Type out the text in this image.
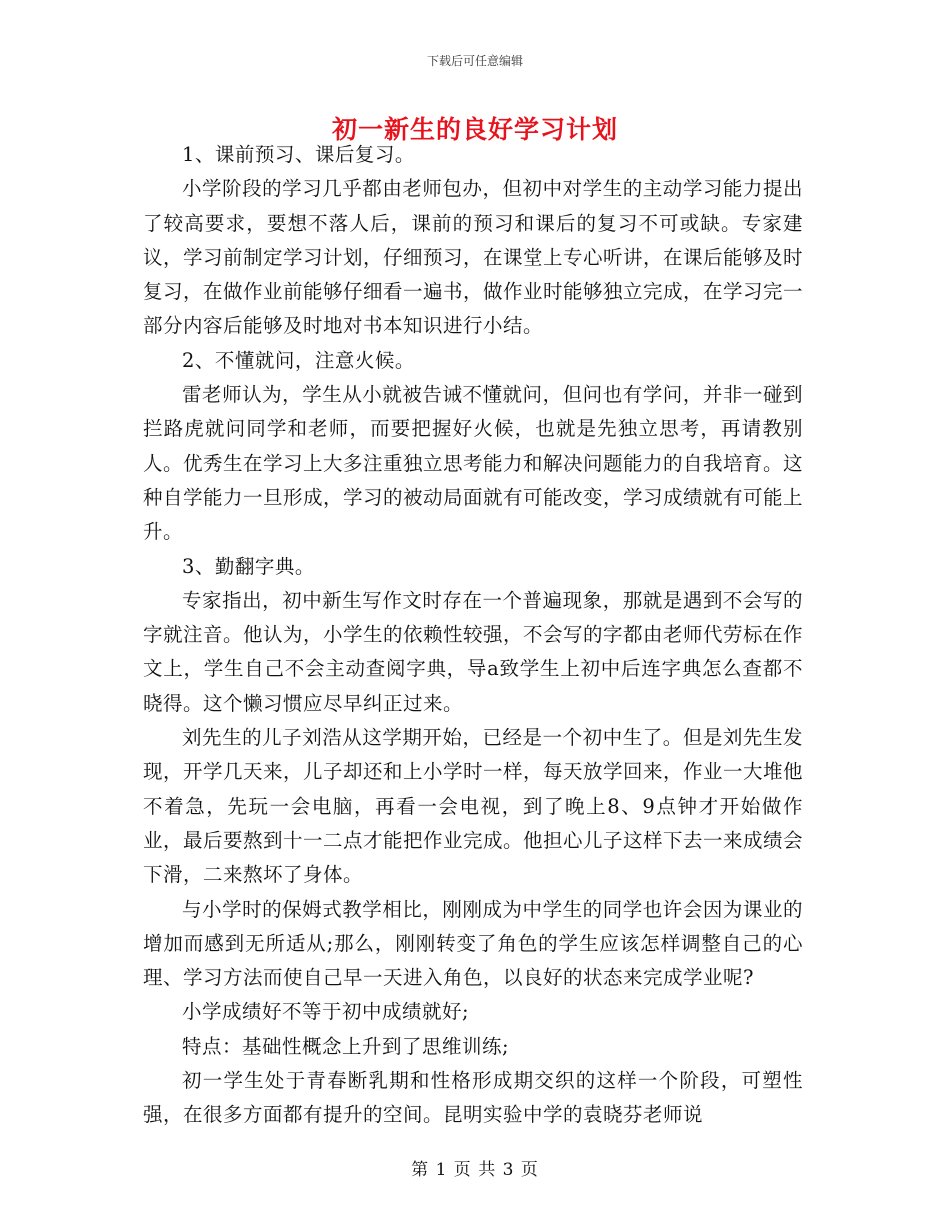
下载后可任意编辑
初一新生的良好学习计划

1、课前预习、课后复习。

小学阶段的学习几乎都由老师包办，但初中对学生的主动学习能力提出了较高要求，要想不落人后，课前的预习和课后的复习不可或缺。专家建议，学习前制定学习计划，仔细预习，在课堂上专心听讲，在课后能够及时复习，在做作业前能够仔细看一遍书，做作业时能够独立完成，在学习完一部分内容后能够及时地对书本知识进行小结。

2、不懂就问，注意火候。

雷老师认为，学生从小就被告诫不懂就问，但问也有学问，并非一碰到拦路虎就问同学和老师，而要把握好火候，也就是先独立思考，再请教别人。优秀生在学习上大多注重独立思考能力和解决问题能力的自我培育。这种自学能力一旦形成，学习的被动局面就有可能改变，学习成绩就有可能上升。

3、勤翻字典。

专家指出，初中新生写作文时存在一个普遍现象，那就是遇到不会写的字就注音。他认为，小学生的依赖性较强，不会写的字都由老师代劳标在作文上，学生自己不会主动查阅字典，导a致学生上初中后连字典怎么查都不晓得。这个懒习惯应尽早纠正过来。

刘先生的儿子刘浩从这学期开始，已经是一个初中生了。但是刘先生发现，开学几天来，儿子却还和上小学时一样，每天放学回来，作业一大堆他不着急，先玩一会电脑，再看一会电视，到了晚上8、9点钟才开始做作业，最后要熬到十一二点才能把作业完成。他担心儿子这样下去一来成绩会下滑，二来熬坏了身体。

与小学时的保姆式教学相比，刚刚成为中学生的同学也许会因为课业的增加而感到无所适从;那么，刚刚转变了角色的学生应该怎样调整自己的心理、学习方法而使自己早一天进入角色，以良好的状态来完成学业呢?

小学成绩好不等于初中成绩就好;

特点：基础性概念上升到了思维训练;

初一学生处于青春断乳期和性格形成期交织的这样一个阶段，可塑性强，在很多方面都有提升的空间。昆明实验中学的袁晓芬老师说

第 1 页 共 3 页
